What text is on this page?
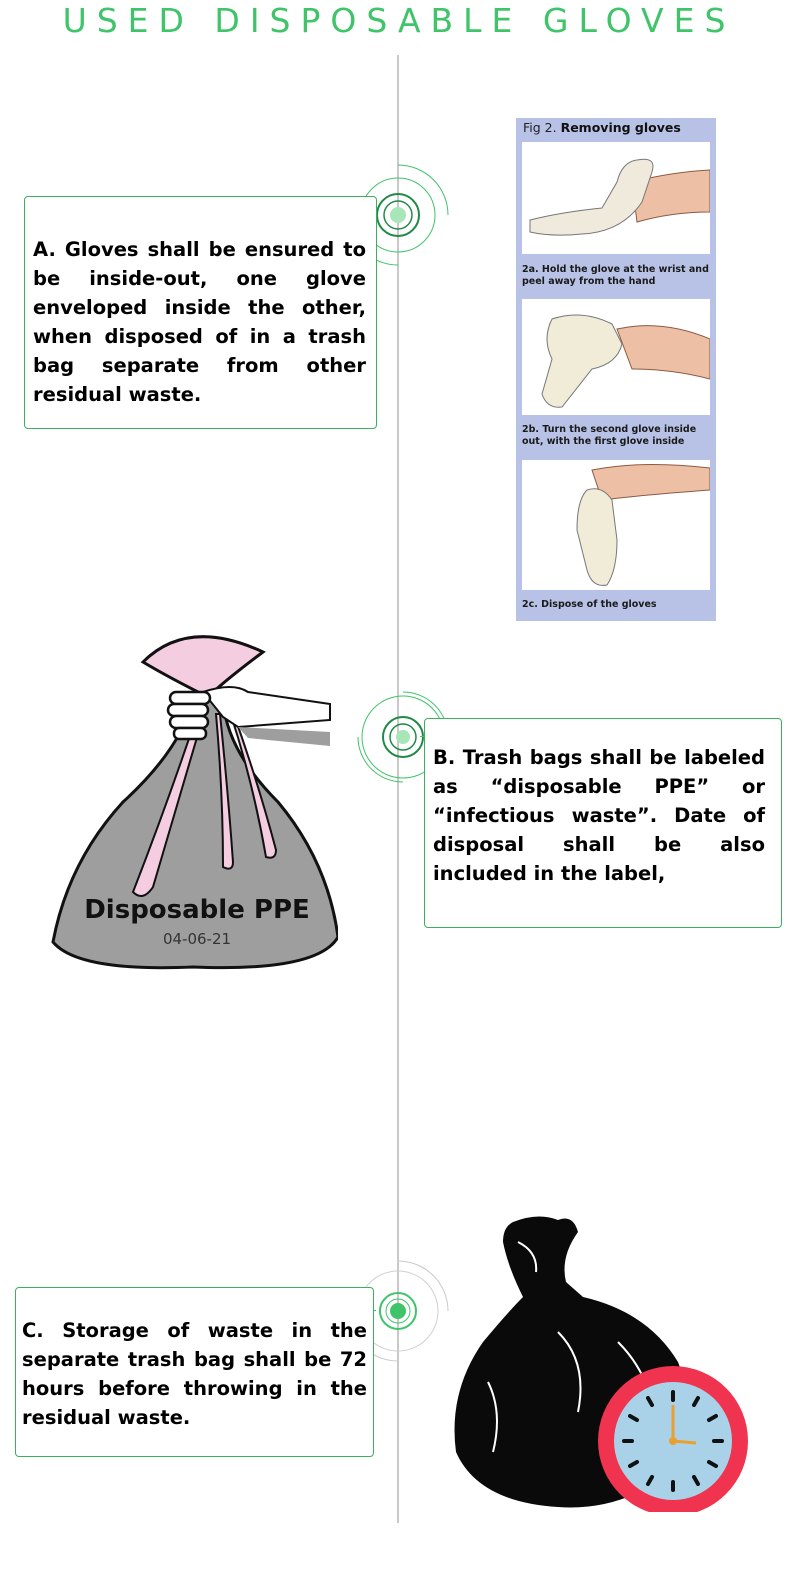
USED DISPOSABLE GLOVES

A. Gloves shall be ensured to be inside-out, one glove enveloped inside the other, when disposed of in a trash bag separate from other residual waste.

Fig 2. Removing gloves
2a. Hold the glove at the wrist and peel away from the hand
2b. Turn the second glove inside out, with the first glove inside
2c. Dispose of the gloves
Disposable PPE
04-06-21

B. Trash bags shall be labeled as “disposable PPE” or “infectious waste”. Date of disposal shall be also included in the label,

C. Storage of waste in the separate trash bag shall be 72 hours before throwing in the residual waste.
